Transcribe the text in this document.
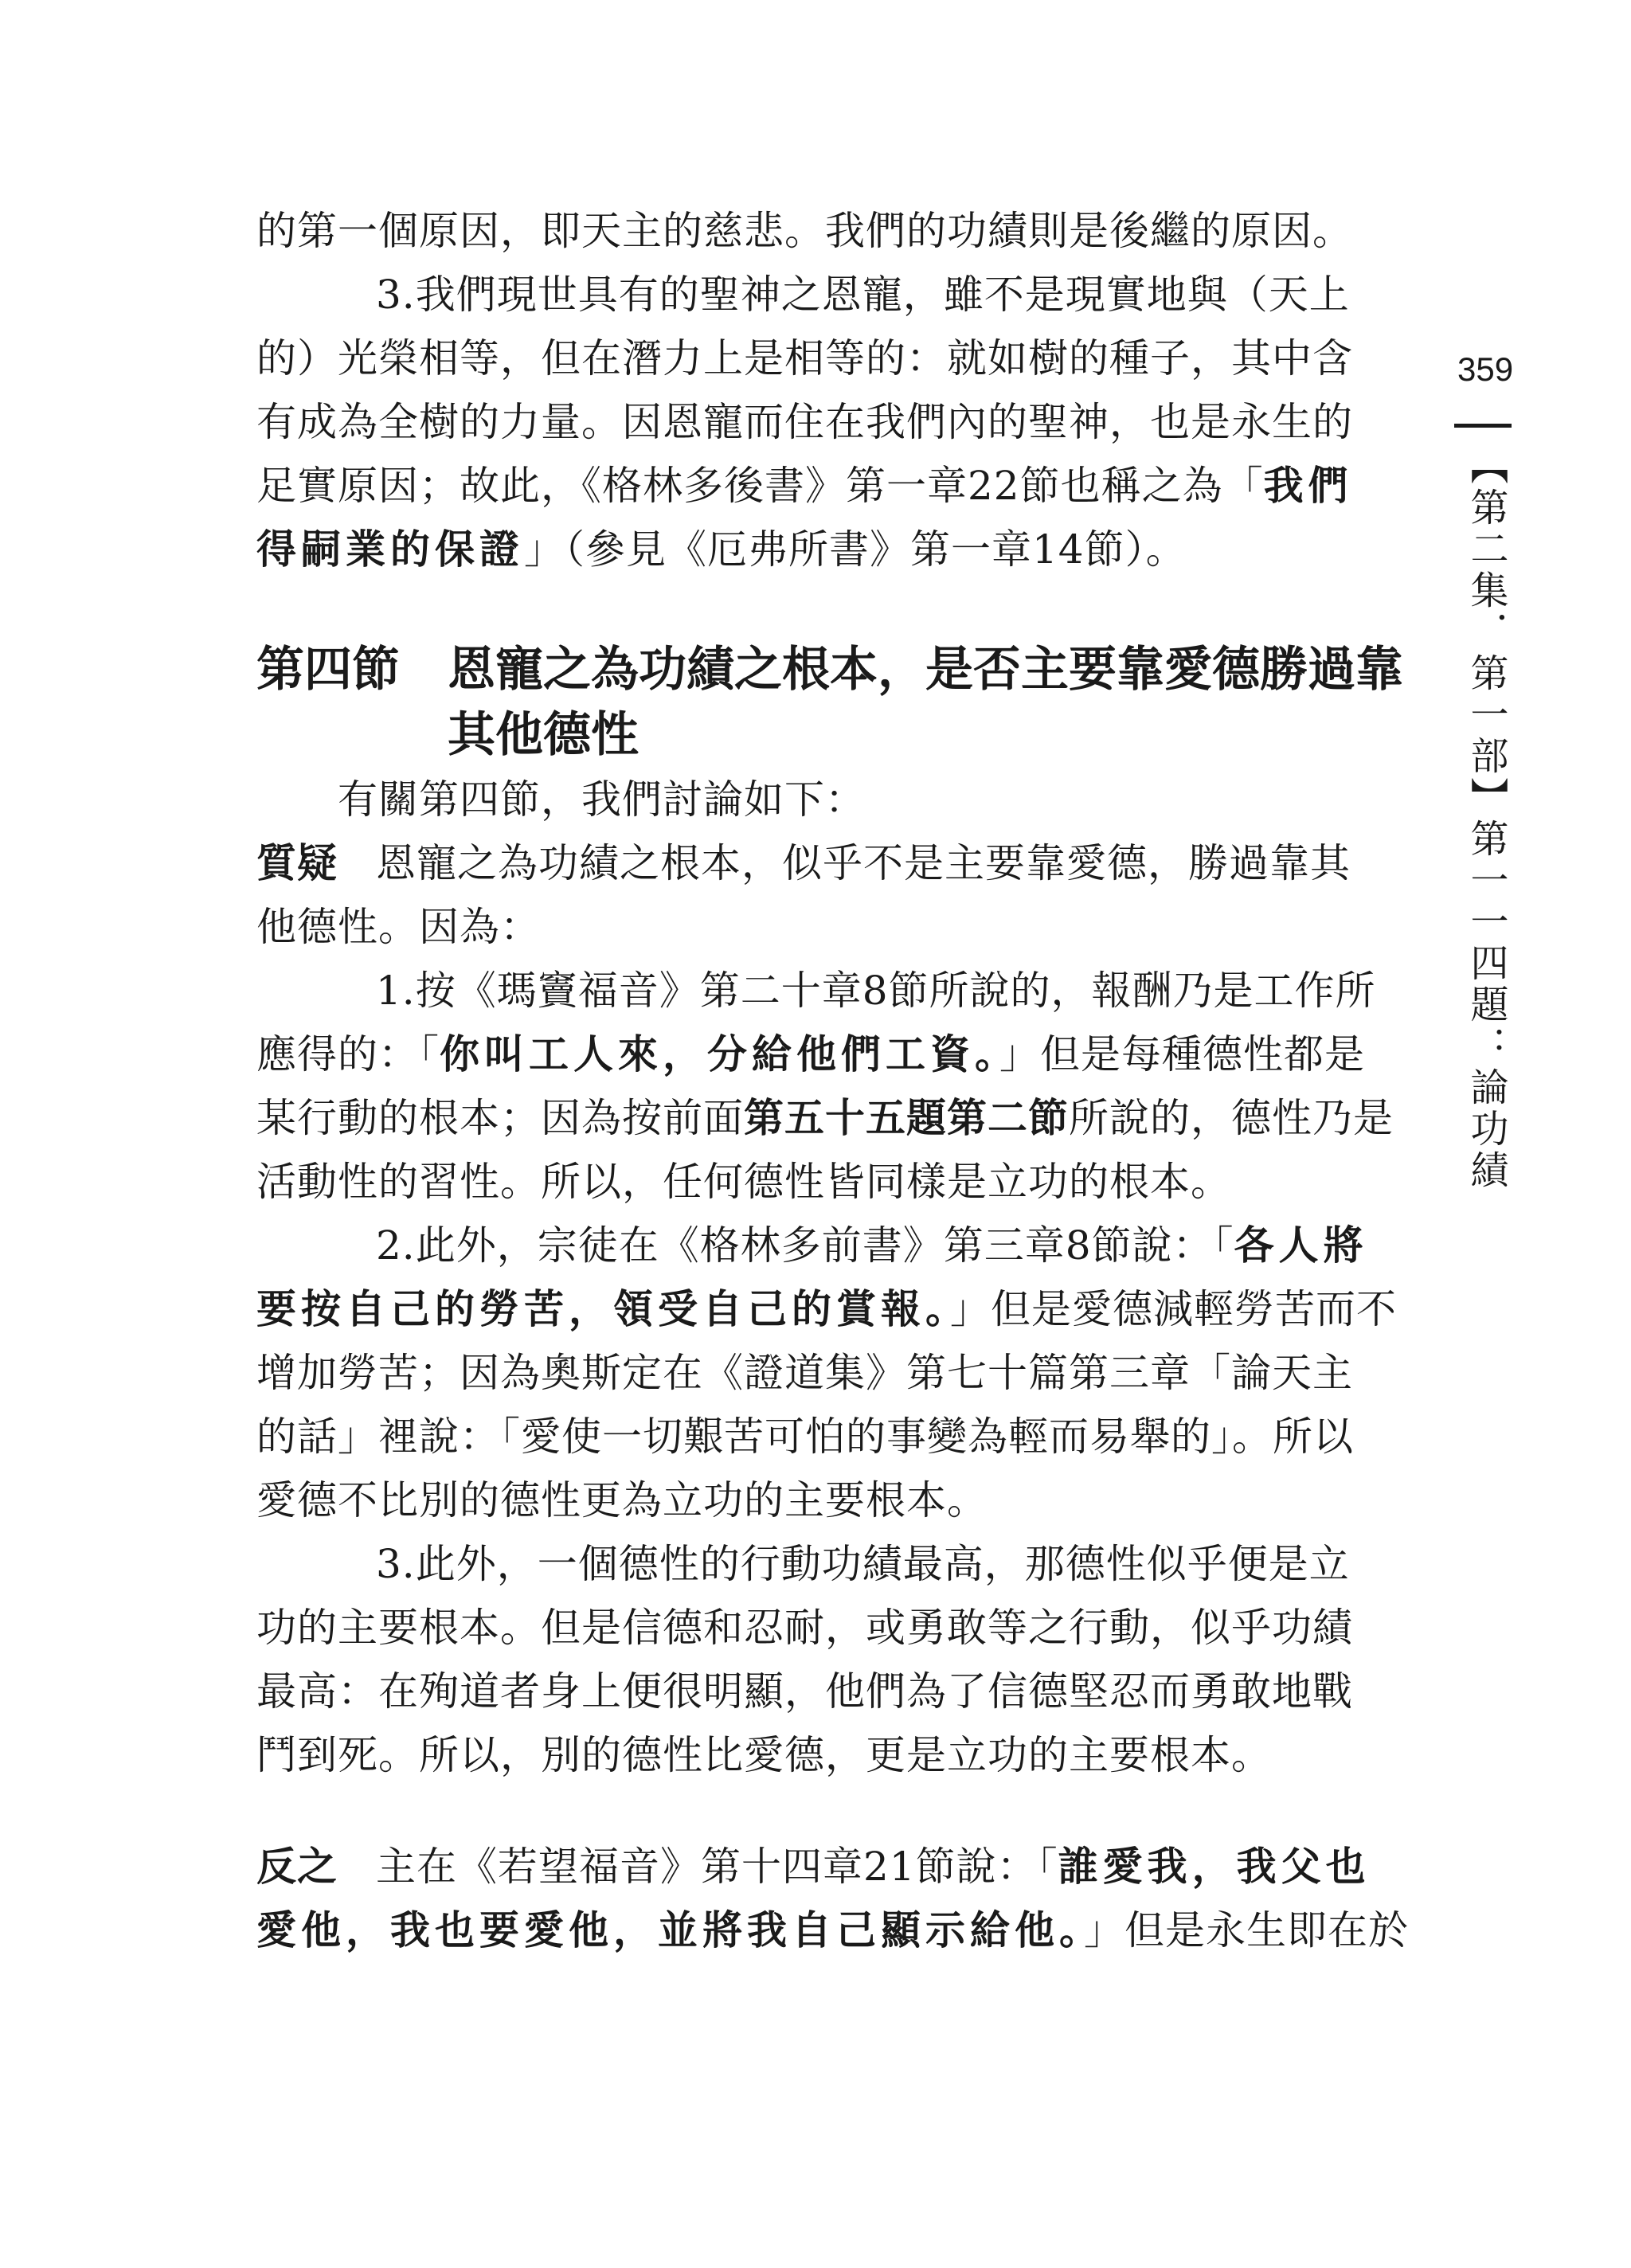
的第一個原因，即天主的慈悲。我們的功績則是後繼的原因。
3.我們現世具有的聖神之恩寵，雖不是現實地與（天上
的）光榮相等，但在潛力上是相等的：就如樹的種子，其中含
有成為全樹的力量。因恩寵而住在我們內的聖神，也是永生的
足實原因；故此，《格林多後書》第一章22節也稱之為「我們
得嗣業的保證」（參見《厄弗所書》第一章14節）。
第四節 恩寵之為功績之根本，是否主要靠愛德勝過靠
其他德性
有關第四節，我們討論如下：
質疑 恩寵之為功績之根本，似乎不是主要靠愛德，勝過靠其
他德性。因為：
1.按《瑪竇福音》第二十章8節所說的，報酬乃是工作所
應得的：「你叫工人來，分給他們工資。」但是每種德性都是
某行動的根本；因為按前面第五十五題第二節所說的，德性乃是
活動性的習性。所以，任何德性皆同樣是立功的根本。
2.此外，宗徒在《格林多前書》第三章8節說：「各人將
要按自己的勞苦，領受自己的賞報。」但是愛德減輕勞苦而不
增加勞苦；因為奧斯定在《證道集》第七十篇第三章「論天主
的話」裡說：「愛使一切艱苦可怕的事變為輕而易舉的」。所以
愛德不比別的德性更為立功的主要根本。
3.此外，一個德性的行動功績最高，那德性似乎便是立
功的主要根本。但是信德和忍耐，或勇敢等之行動，似乎功績
最高：在殉道者身上便很明顯，他們為了信德堅忍而勇敢地戰
鬥到死。所以，別的德性比愛德，更是立功的主要根本。
反之 主在《若望福音》第十四章21節說：「誰愛我，我父也
愛他，我也要愛他，並將我自己顯示給他。」但是永生即在於
359
【第二集．第一部】第一一四題：論功績
